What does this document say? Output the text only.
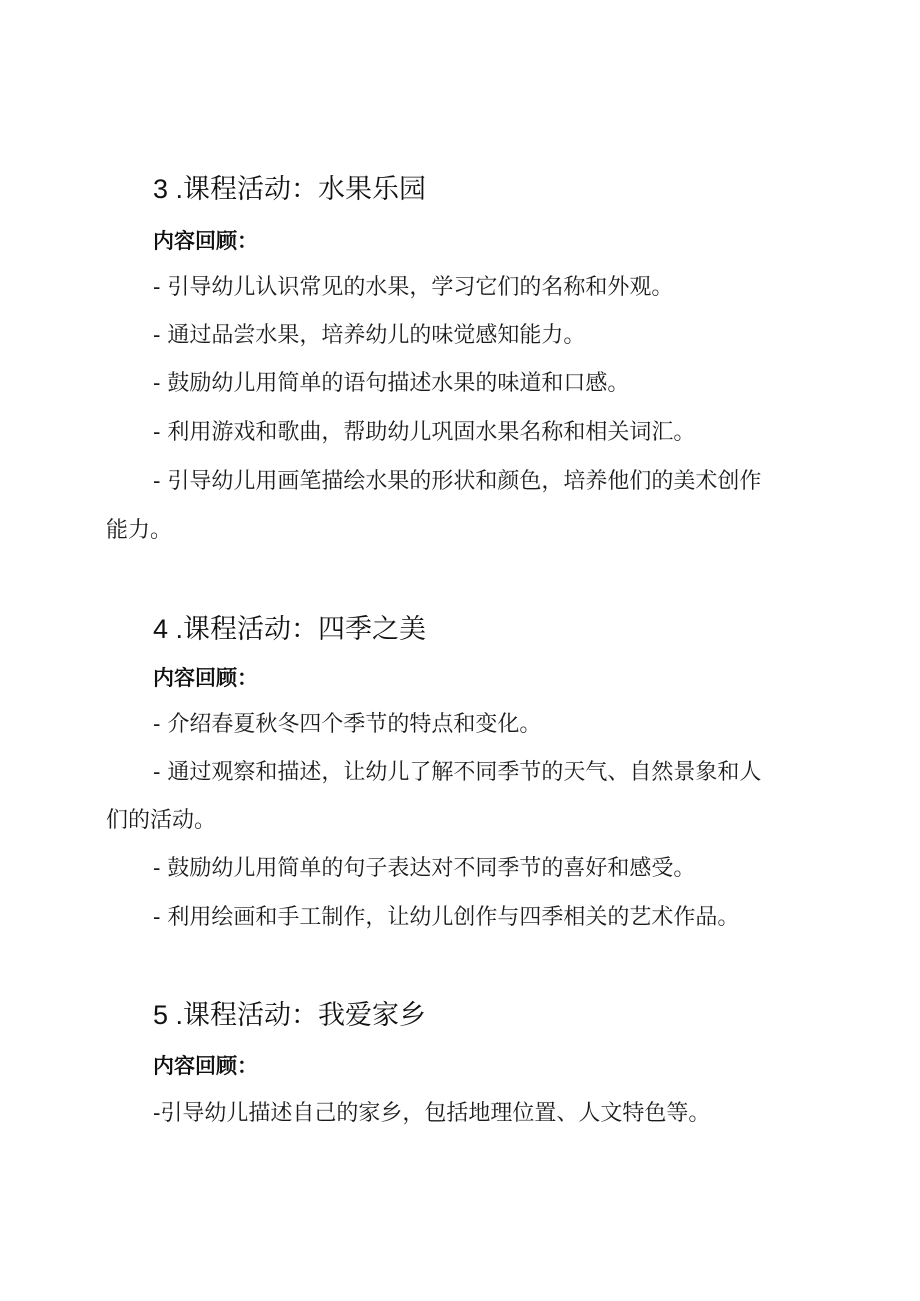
3 .课程活动：水果乐园
内容回顾：
- 引导幼儿认识常见的水果，学习它们的名称和外观。
- 通过品尝水果，培养幼儿的味觉感知能力。
- 鼓励幼儿用简单的语句描述水果的味道和口感。
- 利用游戏和歌曲，帮助幼儿巩固水果名称和相关词汇。
- 引导幼儿用画笔描绘水果的形状和颜色，培养他们的美术创作
能力。
4 .课程活动：四季之美
内容回顾：
- 介绍春夏秋冬四个季节的特点和变化。
- 通过观察和描述，让幼儿了解不同季节的天气、自然景象和人
们的活动。
- 鼓励幼儿用简单的句子表达对不同季节的喜好和感受。
- 利用绘画和手工制作，让幼儿创作与四季相关的艺术作品。
5 .课程活动：我爱家乡
内容回顾：
-引导幼儿描述自己的家乡，包括地理位置、人文特色等。
